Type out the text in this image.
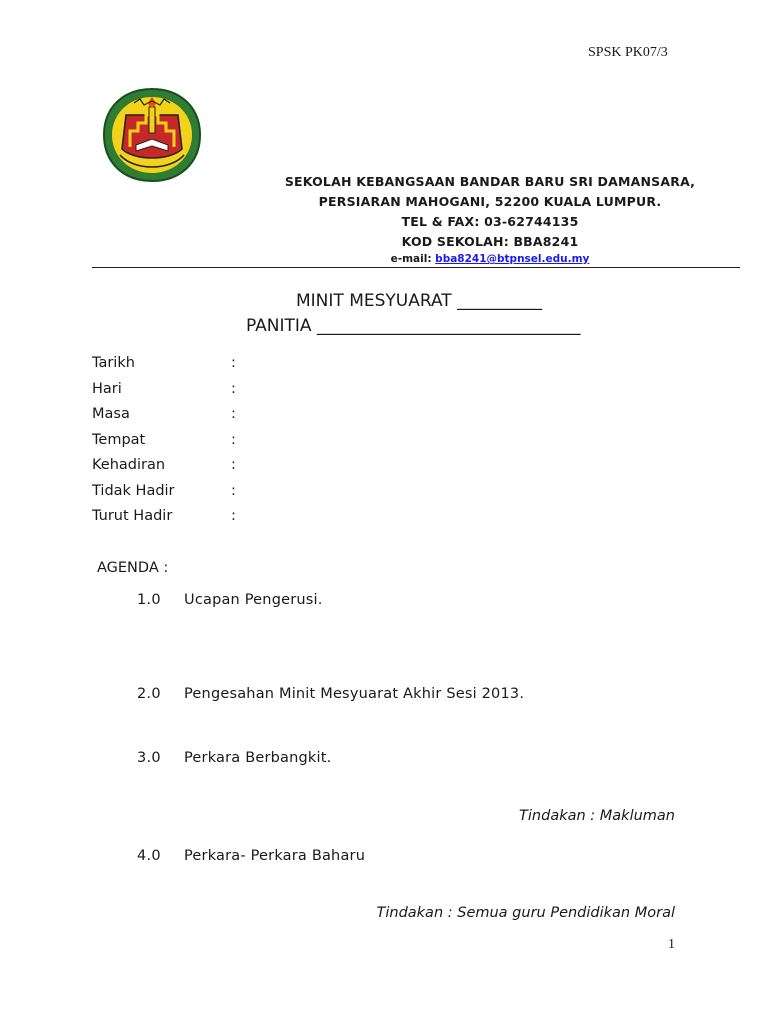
SPSK PK07/3
SEKOLAH KEBANGSAAN BANDAR BARU SRI DAMANSARA,
PERSIARAN MAHOGANI, 52200 KUALA LUMPUR.
TEL & FAX: 03-62744135
KOD SEKOLAH: BBA8241
e-mail: bba8241@btpnsel.edu.my
MINIT MESYUARAT __________
PANITIA _______________________________
Tarikh	:
Hari	:
Masa	:
Tempat	:
Kehadiran	:
Tidak Hadir	:
Turut Hadir	:
AGENDA :
1.0 Ucapan Pengerusi.
2.0 Pengesahan Minit Mesyuarat Akhir Sesi 2013.
3.0 Perkara Berbangkit.
Tindakan : Makluman
4.0 Perkara- Perkara Baharu
Tindakan : Semua guru Pendidikan Moral
1
